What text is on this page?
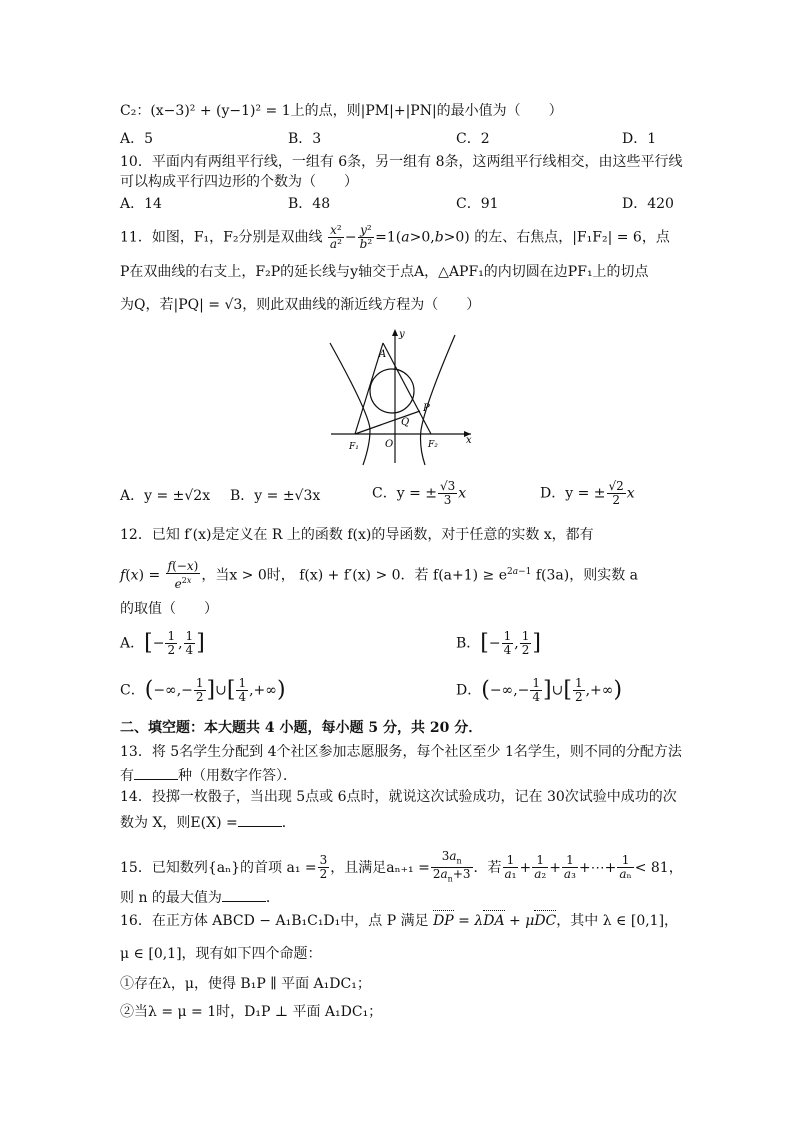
C₂：(x−3)² + (y−1)² = 1上的点，则|PM|+|PN|的最小值为（　　）
A．5	B．3	C．2	D．1
10．平面内有两组平行线，一组有 6条，另一组有 8条，这两组平行线相交，由这些平行线
可以构成平行四边形的个数为（　　）
A．14	B．48	C．91	D．420
11．如图，F₁，F₂分别是双曲线 $\frac{\text{x²}}{\text{a²}} - \frac{\text{y²}}{\text{b²}} =1(a>0,b>0)$ 的左、右焦点，|F₁F₂| = 6，点
P在双曲线的右支上，F₂P的延长线与y轴交于点A，△APF₁的内切圆在边PF₁上的切点
为Q，若|PQ| = √3，则此双曲线的渐近线方程为（　　）
y
x
A
P
Q
O
F₁	F₂
A．y = ±√2x B．y = ±√3x	C．y = ± $\frac{√3}{3}$ x	D．y = ± $\frac{√2}{2}$ x
12．已知 f′(x)是定义在 R 上的函数 f(x)的导函数，对于任意的实数 x，都有
$f(x) = \frac{f(-x)}{e^{2x}}$ ，当x > 0时， f(x) + f′(x) > 0．若 $f(a+1) \ge e^{2a-1}$ f(3a)，则实数 a
的取值（　　）
A．[− $\frac{1}{2}$ , $\frac{1}{4}$ ]	B．[− $\frac{1}{4}$ , $\frac{1}{2}$ ]
C．(−∞,− $\frac{1}{2}$ ]∪[ $\frac{1}{4}$ ,+∞)	D．(−∞,− $\frac{1}{4}$ ]∪[ $\frac{1}{2}$ ,+∞)
二、填空题：本大题共 4 小题，每小题 5 分，共 20 分．
13．将 5名学生分配到 4个社区参加志愿服务，每个社区至少 1名学生，则不同的分配方法
有	种（用数字作答）．
14．投掷一枚骰子，当出现 5点或 6点时，就说这次试验成功，记在 30次试验中成功的次
数为 X，则E(X) =	．
15．已知数列{aₙ}的首项 $a_1 = \frac{3}{2}$ ，且满足$a_{n+1} = \frac{3a_n}{2a_n+3}$ ．若 $\frac{1}{\text{a₁}} + \frac{1}{\text{a₂}} + \frac{1}{\text{a₃}}$ +⋯+ $\frac{1}{\text{aₙ}} < 81$，
则 n 的最大值为	．
16．在正方体 ABCD − A₁B₁C₁D₁中，点 P 满足 DP = λDA + μDC，其中 λ ∈ [0,1]，
μ ∈ [0,1]，现有如下四个命题：
①存在λ，μ，使得 B₁P ∥ 平面 A₁DC₁；
②当λ = μ = 1时，D₁P ⊥ 平面 A₁DC₁；
